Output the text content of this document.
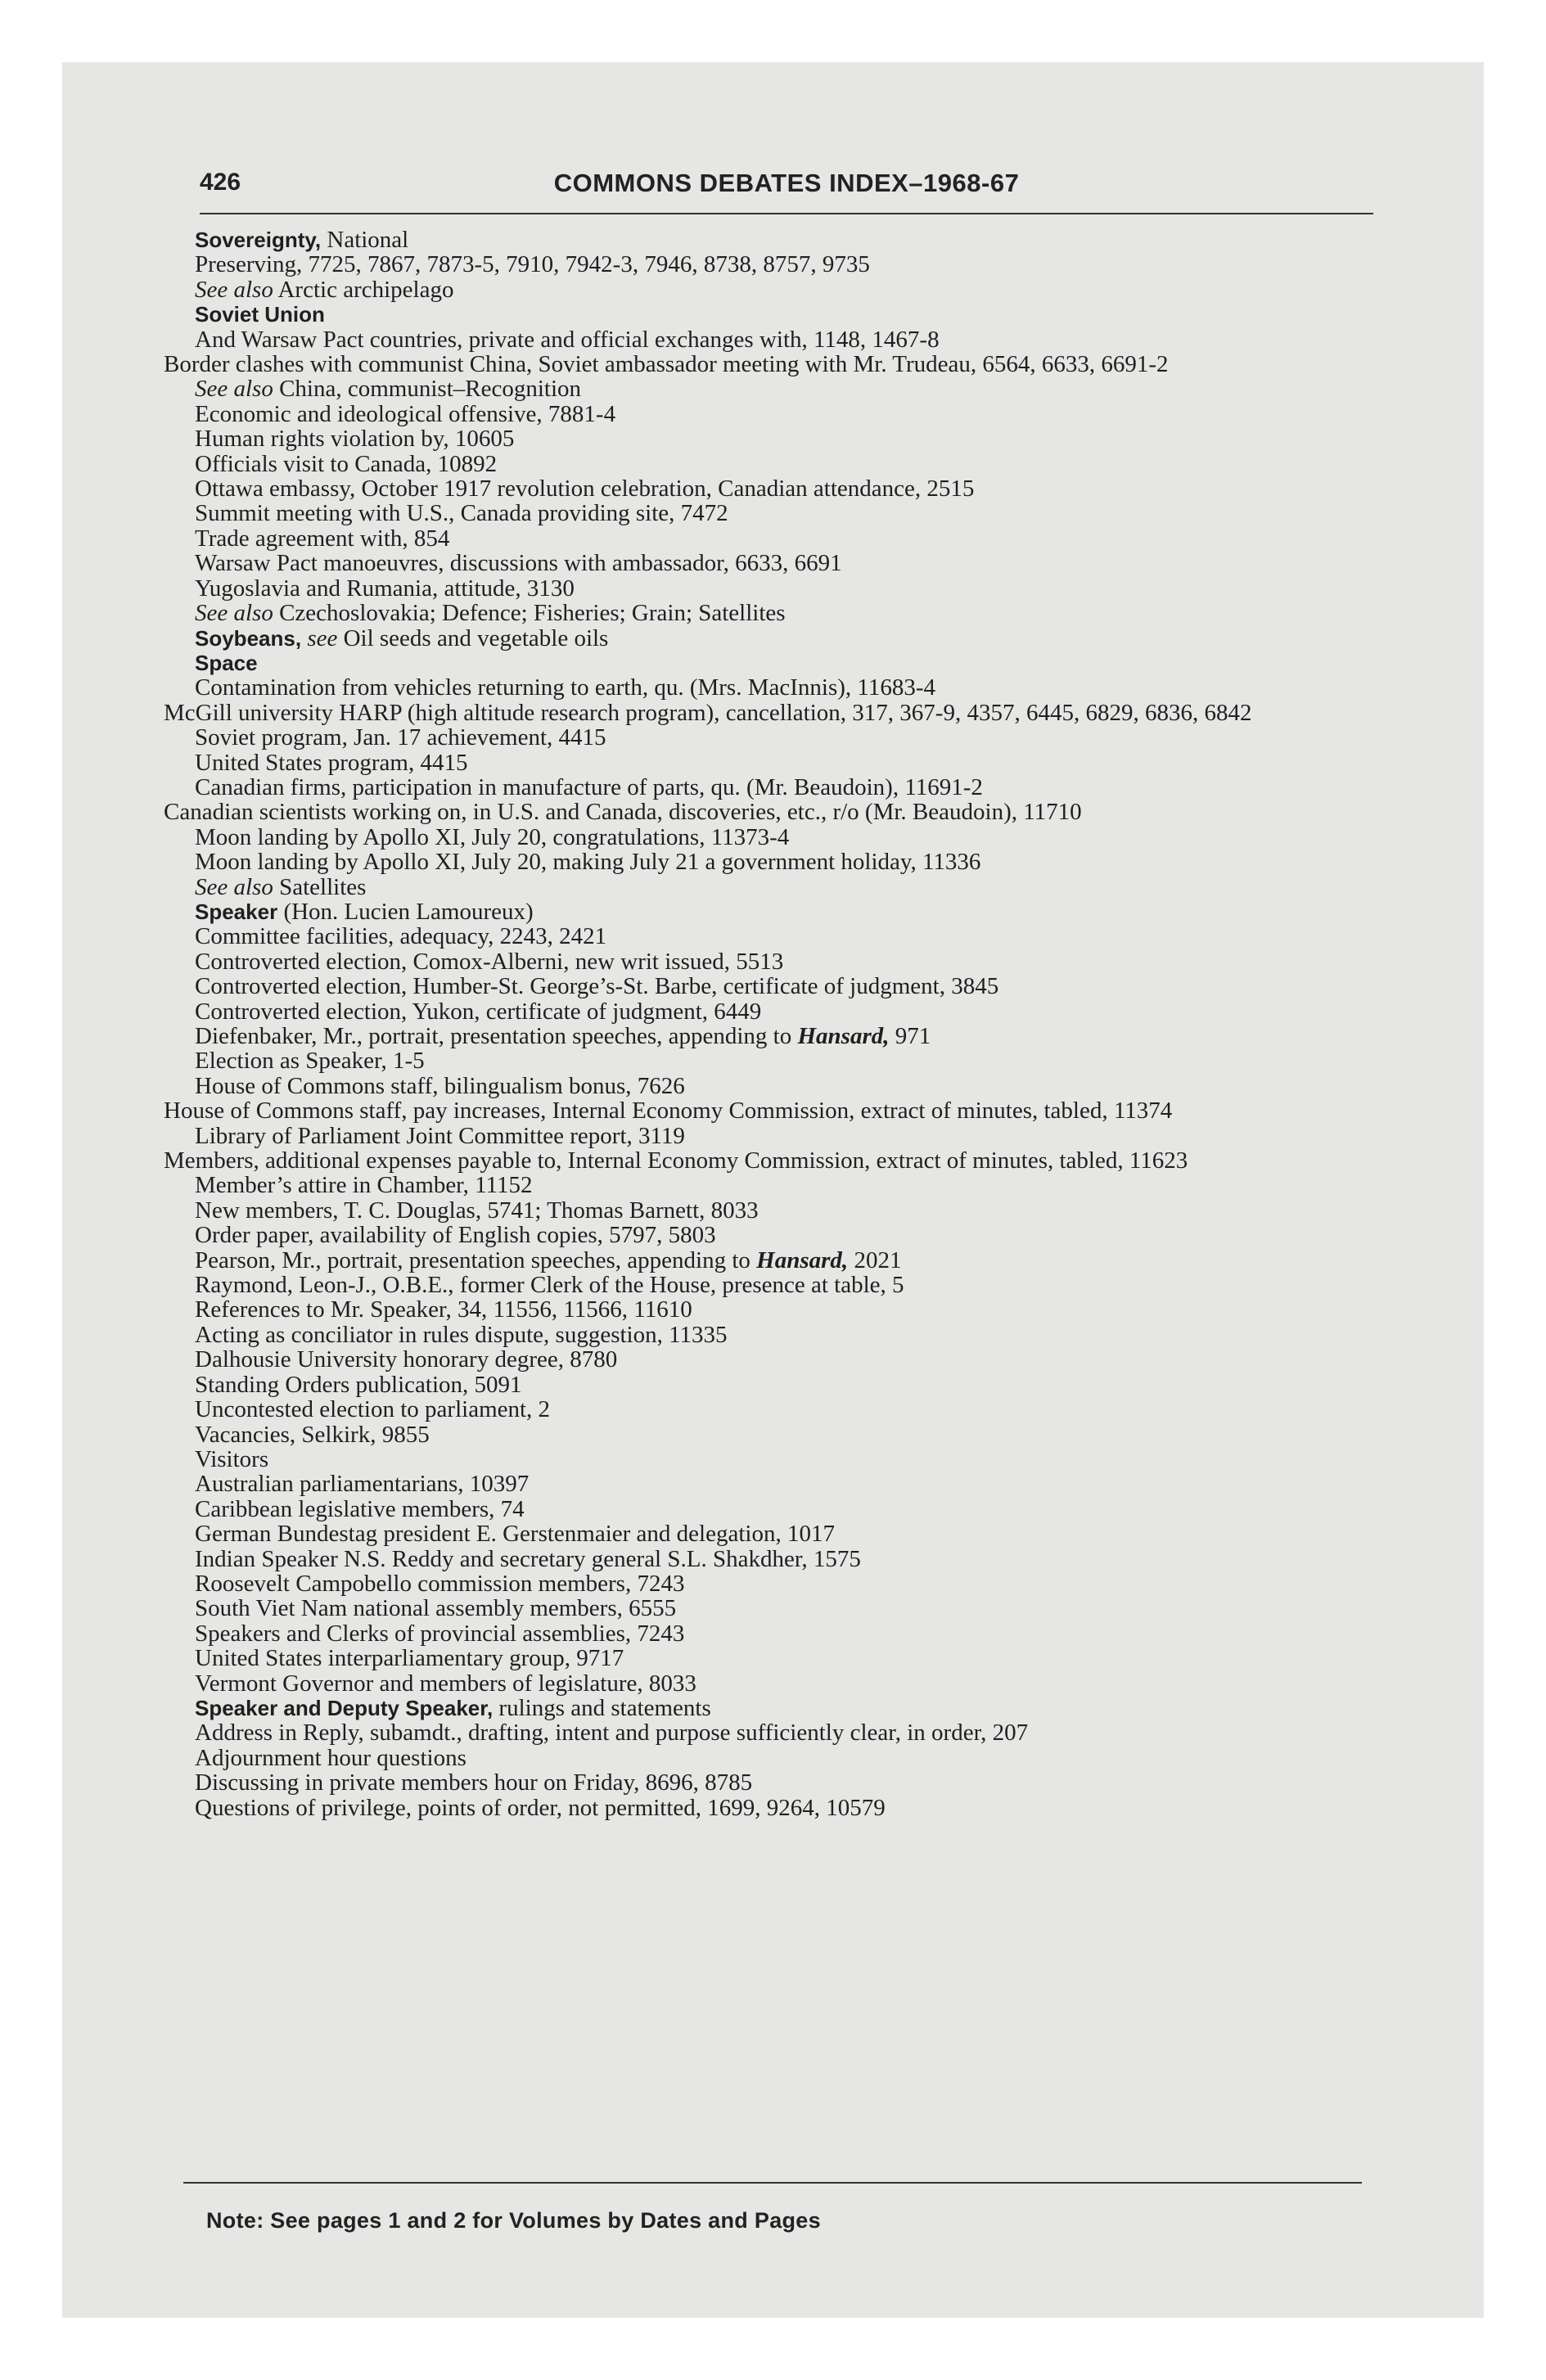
426	COMMONS DEBATES INDEX–1968-67
Sovereignty, National
Preserving, 7725, 7867, 7873-5, 7910, 7942-3, 7946, 8738, 8757, 9735
See also Arctic archipelago
Soviet Union
And Warsaw Pact countries, private and official exchanges with, 1148, 1467-8
Border clashes with communist China, Soviet ambassador meeting with Mr. Trudeau, 6564, 6633, 6691-2
See also China, communist–Recognition
Economic and ideological offensive, 7881-4
Human rights violation by, 10605
Officials visit to Canada, 10892
Ottawa embassy, October 1917 revolution celebration, Canadian attendance, 2515
Summit meeting with U.S., Canada providing site, 7472
Trade agreement with, 854
Warsaw Pact manoeuvres, discussions with ambassador, 6633, 6691
Yugoslavia and Rumania, attitude, 3130
See also Czechoslovakia; Defence; Fisheries; Grain; Satellites
Soybeans, see Oil seeds and vegetable oils
Space
Contamination from vehicles returning to earth, qu. (Mrs. MacInnis), 11683-4
McGill university HARP (high altitude research program), cancellation, 317, 367-9, 4357, 6445, 6829, 6836, 6842
Soviet program, Jan. 17 achievement, 4415
United States program, 4415
Canadian firms, participation in manufacture of parts, qu. (Mr. Beaudoin), 11691-2
Canadian scientists working on, in U.S. and Canada, discoveries, etc., r/o (Mr. Beaudoin), 11710
Moon landing by Apollo XI, July 20, congratulations, 11373-4
Moon landing by Apollo XI, July 20, making July 21 a government holiday, 11336
See also Satellites
Speaker (Hon. Lucien Lamoureux)
Committee facilities, adequacy, 2243, 2421
Controverted election, Comox-Alberni, new writ issued, 5513
Controverted election, Humber-St. George’s-St. Barbe, certificate of judgment, 3845
Controverted election, Yukon, certificate of judgment, 6449
Diefenbaker, Mr., portrait, presentation speeches, appending to Hansard, 971
Election as Speaker, 1-5
House of Commons staff, bilingualism bonus, 7626
House of Commons staff, pay increases, Internal Economy Commission, extract of minutes, tabled, 11374
Library of Parliament Joint Committee report, 3119
Members, additional expenses payable to, Internal Economy Commission, extract of minutes, tabled, 11623
Member’s attire in Chamber, 11152
New members, T. C. Douglas, 5741; Thomas Barnett, 8033
Order paper, availability of English copies, 5797, 5803
Pearson, Mr., portrait, presentation speeches, appending to Hansard, 2021
Raymond, Leon-J., O.B.E., former Clerk of the House, presence at table, 5
References to Mr. Speaker, 34, 11556, 11566, 11610
Acting as conciliator in rules dispute, suggestion, 11335
Dalhousie University honorary degree, 8780
Standing Orders publication, 5091
Uncontested election to parliament, 2
Vacancies, Selkirk, 9855
Visitors
Australian parliamentarians, 10397
Caribbean legislative members, 74
German Bundestag president E. Gerstenmaier and delegation, 1017
Indian Speaker N.S. Reddy and secretary general S.L. Shakdher, 1575
Roosevelt Campobello commission members, 7243
South Viet Nam national assembly members, 6555
Speakers and Clerks of provincial assemblies, 7243
United States interparliamentary group, 9717
Vermont Governor and members of legislature, 8033
Speaker and Deputy Speaker, rulings and statements
Address in Reply, subamdt., drafting, intent and purpose sufficiently clear, in order, 207
Adjournment hour questions
Discussing in private members hour on Friday, 8696, 8785
Questions of privilege, points of order, not permitted, 1699, 9264, 10579
Note: See pages 1 and 2 for Volumes by Dates and Pages
